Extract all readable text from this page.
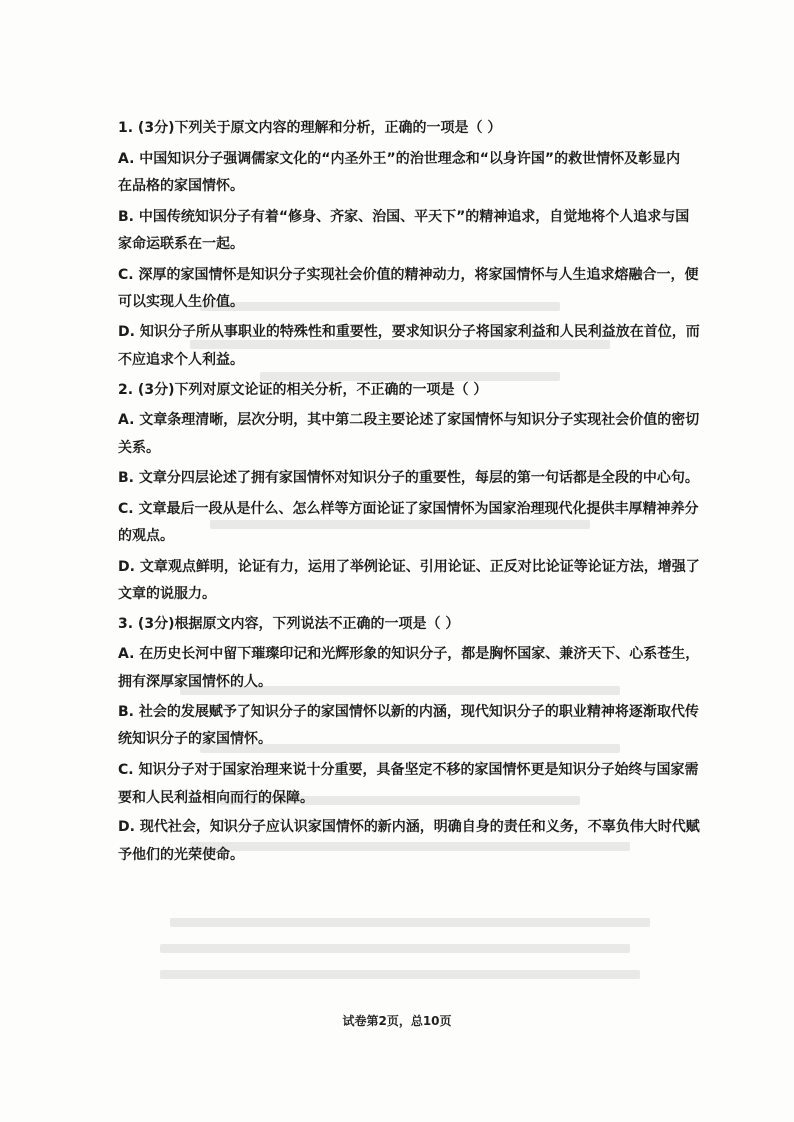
1. (3分)下列关于原文内容的理解和分析，正确的一项是（ ）
A. 中国知识分子强调儒家文化的“内圣外王”的治世理念和“以身许国”的救世情怀及彰显内
在品格的家国情怀。
B. 中国传统知识分子有着“修身、齐家、治国、平天下”的精神追求，自觉地将个人追求与国
家命运联系在一起。
C. 深厚的家国情怀是知识分子实现社会价值的精神动力，将家国情怀与人生追求熔融合一，便
可以实现人生价值。
D. 知识分子所从事职业的特殊性和重要性，要求知识分子将国家利益和人民利益放在首位，而
不应追求个人利益。
2. (3分)下列对原文论证的相关分析，不正确的一项是（ ）
A. 文章条理清晰，层次分明，其中第二段主要论述了家国情怀与知识分子实现社会价值的密切
关系。
B. 文章分四层论述了拥有家国情怀对知识分子的重要性，每层的第一句话都是全段的中心句。
C. 文章最后一段从是什么、怎么样等方面论证了家国情怀为国家治理现代化提供丰厚精神养分
的观点。
D. 文章观点鲜明，论证有力，运用了举例论证、引用论证、正反对比论证等论证方法，增强了
文章的说服力。
3. (3分)根据原文内容，下列说法不正确的一项是（ ）
A. 在历史长河中留下璀璨印记和光辉形象的知识分子，都是胸怀国家、兼济天下、心系苍生，
拥有深厚家国情怀的人。
B. 社会的发展赋予了知识分子的家国情怀以新的内涵，现代知识分子的职业精神将逐渐取代传
统知识分子的家国情怀。
C. 知识分子对于国家治理来说十分重要，具备坚定不移的家国情怀更是知识分子始终与国家需
要和人民利益相向而行的保障。
D. 现代社会，知识分子应认识家国情怀的新内涵，明确自身的责任和义务，不辜负伟大时代赋
予他们的光荣使命。
试卷第2页，总10页
